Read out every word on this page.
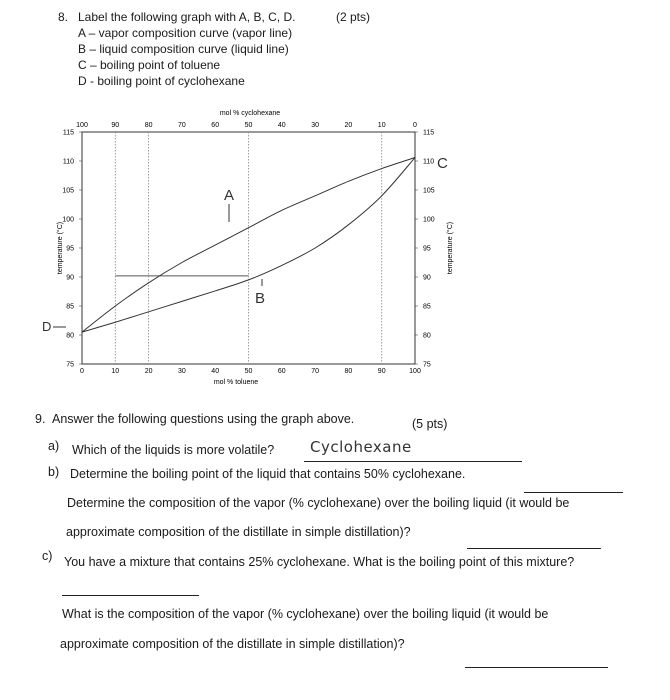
8. Label the following graph with A, B, C, D.	(2 pts)
A – vapor composition curve (vapor line)
B – liquid composition curve (liquid line)
C – boiling point of toluene
D - boiling point of cyclohexane
100	90	80	70	60	50	40	30	20	10	0
0	10	20	30	40	50	60	70	80	90	100
115
110
105
100
95
90
85
80
75
115
110
105
100
95
90
85
80
75
mol % cyclohexane
mol % toluene
temperature (°C)	temperature (°C)
A
B
C
D
9. Answer the following questions using the graph above.	(5 pts)
a) Which of the liquids is more volatile? Cyclohexane
b) Determine the boiling point of the liquid that contains 50% cyclohexane.
Determine the composition of the vapor (% cyclohexane) over the boiling liquid (it would be
approximate composition of the distillate in simple distillation)?
c) You have a mixture that contains 25% cyclohexane. What is the boiling point of this mixture?
What is the composition of the vapor (% cyclohexane) over the boiling liquid (it would be
approximate composition of the distillate in simple distillation)?
